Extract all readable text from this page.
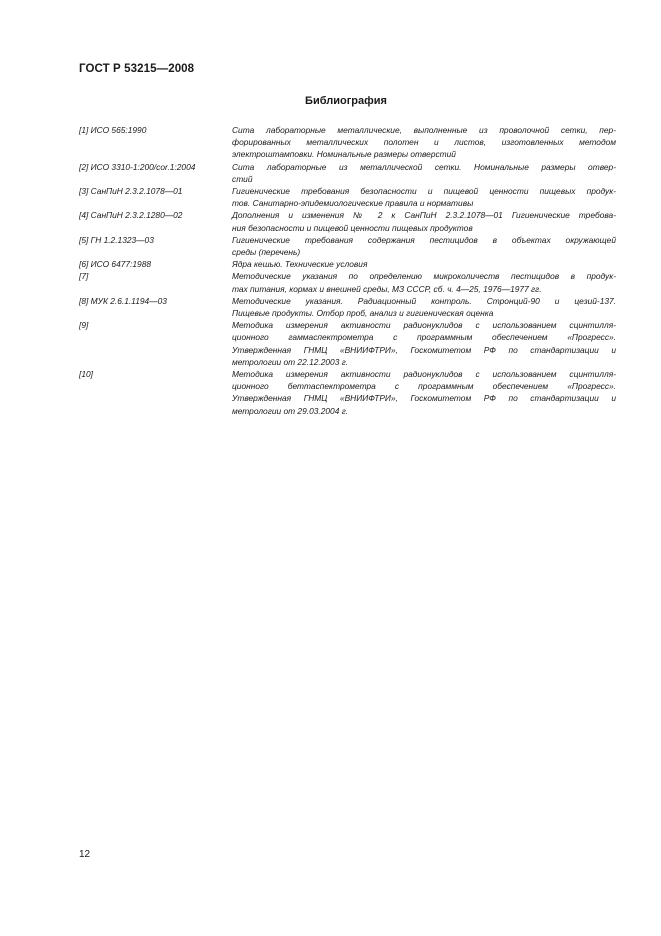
ГОСТ Р 53215—2008
Библиография
[1] ИСО 565:1990	Сита лабораторные металлические, выполненные из проволочной сетки, пер-
форированных металлических полотен и листов, изготовленных методом
электроштамповки. Номинальные размеры отверстий
[2] ИСО 3310-1:200/cor.1:2004	Сита лабораторные из металлической сетки. Номинальные размеры отвер-
стий
[3] СанПиН 2.3.2.1078—01	Гигиенические требования безопасности и пищевой ценности пищевых продук-
тов. Санитарно-эпидемиологические правила и нормативы
[4] СанПиН 2.3.2.1280—02	Дополнения и изменения № 2 к СанПиН 2.3.2.1078—01 Гигиенические требова-
ния безопасности и пищевой ценности пищевых продуктов
[5] ГН 1.2.1323—03	Гигиенические требования содержания пестицидов в объектах окружающей
среды (перечень)
[6] ИСО 6477:1988	Ядра кешью. Технические условия
[7]	Методические указания по определению микроколичеств пестицидов в продук-
тах питания, кормах и внешней среды, МЗ СССР, сб. ч. 4—25, 1976—1977 гг.
[8] МУК 2.6.1.1194—03	Методические указания. Радиационный контроль. Стронций-90 и цезий-137.
Пищевые продукты. Отбор проб, анализ и гигиеническая оценка
[9]	Методика измерения активности радионуклидов с использованием сцинтилля-
ционного гаммаспектрометра с программным обеспечением «Прогресс».
Утвержденная ГНМЦ «ВНИИФТРИ», Госкомитетом РФ по стандартизации и
метрологии от 22.12.2003 г.
[10]	Методика измерения активности радионуклидов с использованием сцинтилля-
ционного беттаспектрометра с программным обеспечением «Прогресс».
Утвержденная ГНМЦ «ВНИИФТРИ», Госкомитетом РФ по стандартизации и
метрологии от 29.03.2004 г.
12
